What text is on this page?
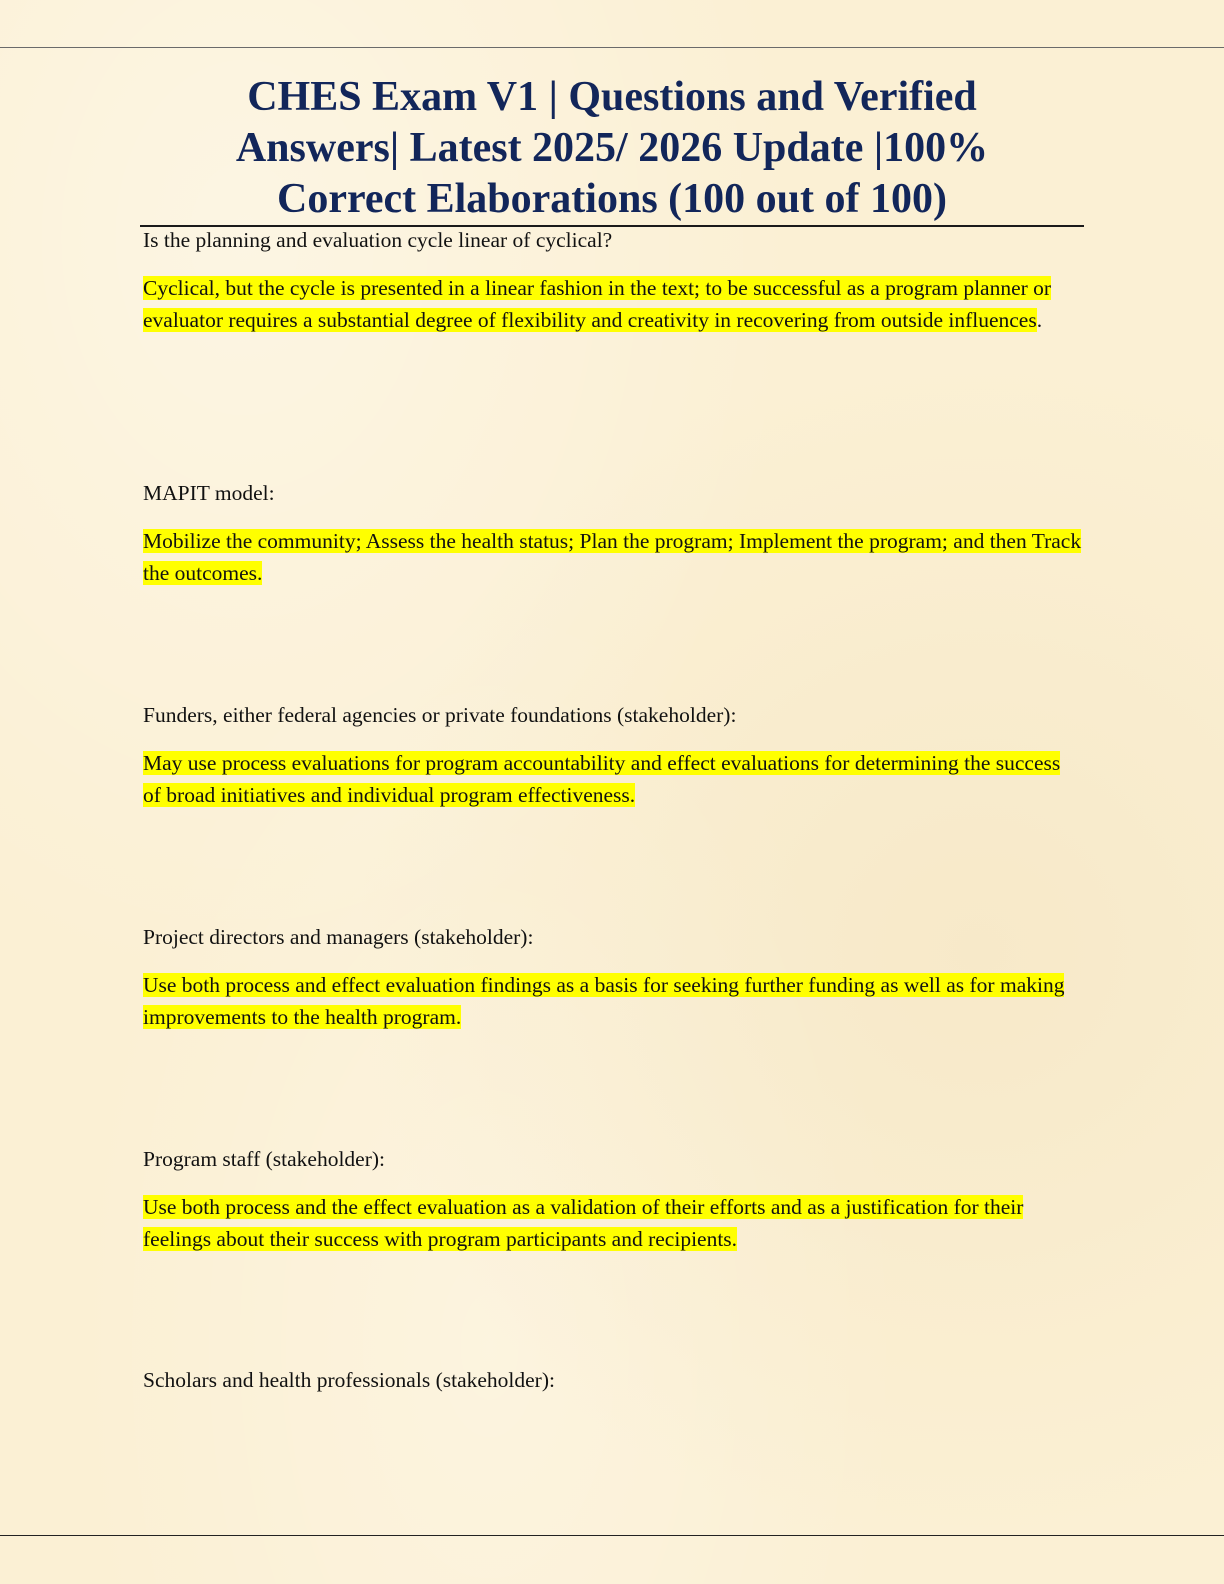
CHES Exam V1 | Questions and Verified
Answers| Latest 2025/ 2026 Update |100%
Correct Elaborations (100 out of 100)

Is the planning and evaluation cycle linear of cyclical?

Cyclical, but the cycle is presented in a linear fashion in the text; to be successful as a program planner or evaluator requires a substantial degree of flexibility and creativity in recovering from outside influences.

MAPIT model:

Mobilize the community; Assess the health status; Plan the program; Implement the program; and then Track the outcomes.

Funders, either federal agencies or private foundations (stakeholder):

May use process evaluations for program accountability and effect evaluations for determining the success of broad initiatives and individual program effectiveness.

Project directors and managers (stakeholder):

Use both process and effect evaluation findings as a basis for seeking further funding as well as for making improvements to the health program.

Program staff (stakeholder):

Use both process and the effect evaluation as a validation of their efforts and as a justification for their feelings about their success with program participants and recipients.

Scholars and health professionals (stakeholder):
